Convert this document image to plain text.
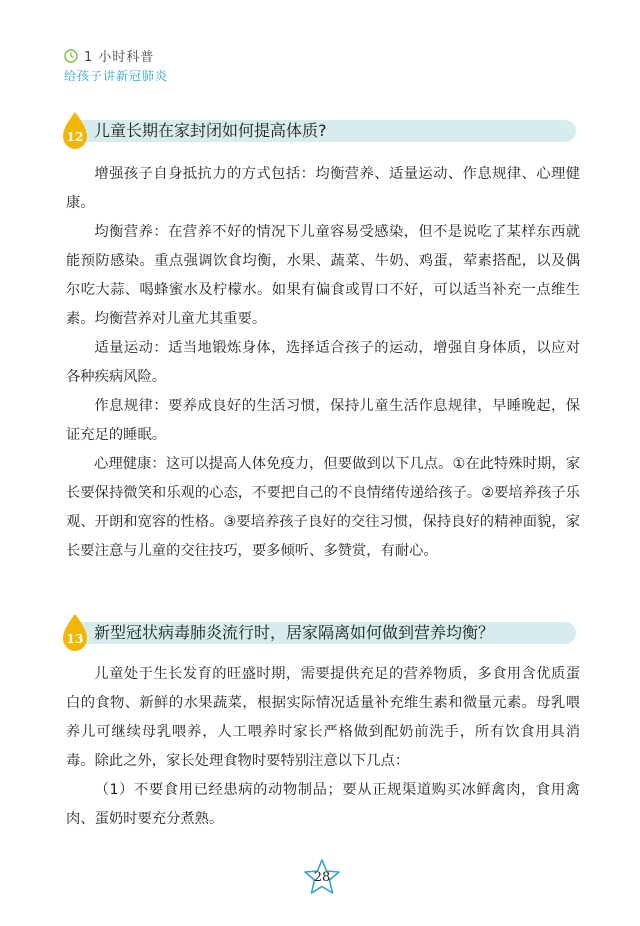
1 小时科普
给孩子讲新冠肺炎
12 儿童长期在家封闭如何提高体质?
增强孩子自身抵抗力的方式包括：均衡营养、适量运动、作息规律、心理健康。
均衡营养：在营养不好的情况下儿童容易受感染，但不是说吃了某样东西就能预防感染。重点强调饮食均衡，水果、蔬菜、牛奶、鸡蛋，荤素搭配，以及偶尔吃大蒜、喝蜂蜜水及柠檬水。如果有偏食或胃口不好，可以适当补充一点维生素。均衡营养对儿童尤其重要。
适量运动：适当地锻炼身体，选择适合孩子的运动，增强自身体质，以应对各种疾病风险。
作息规律：要养成良好的生活习惯，保持儿童生活作息规律，早睡晚起，保证充足的睡眠。
心理健康：这可以提高人体免疫力，但要做到以下几点。①在此特殊时期，家长要保持微笑和乐观的心态，不要把自己的不良情绪传递给孩子。②要培养孩子乐观、开朗和宽容的性格。③要培养孩子良好的交往习惯，保持良好的精神面貌，家长要注意与儿童的交往技巧，要多倾听、多赞赏，有耐心。
13 新型冠状病毒肺炎流行时，居家隔离如何做到营养均衡？
儿童处于生长发育的旺盛时期，需要提供充足的营养物质，多食用含优质蛋白的食物、新鲜的水果蔬菜，根据实际情况适量补充维生素和微量元素。母乳喂养儿可继续母乳喂养，人工喂养时家长严格做到配奶前洗手，所有饮食用具消毒。除此之外，家长处理食物时要特别注意以下几点：
（1）不要食用已经患病的动物制品；要从正规渠道购买冰鲜禽肉，食用禽肉、蛋奶时要充分煮熟。
28
